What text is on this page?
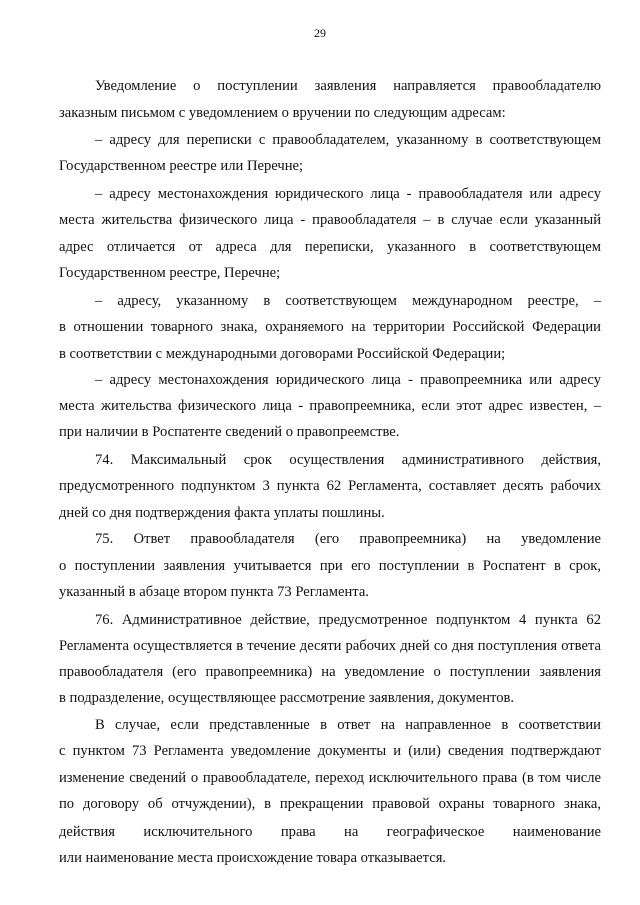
29
Уведомление о поступлении заявления направляется правообладателю
заказным письмом с уведомлением о вручении по следующим адресам:
– адресу для переписки с правообладателем, указанному в соответствующем
Государственном реестре или Перечне;
– адресу местонахождения юридического лица - правообладателя или адресу
места жительства физического лица - правообладателя – в случае если указанный
адрес отличается от адреса для переписки, указанного в соответствующем
Государственном реестре, Перечне;
– адресу, указанному в соответствующем международном реестре, –
в отношении товарного знака, охраняемого на территории Российской Федерации
в соответствии с международными договорами Российской Федерации;
– адресу местонахождения юридического лица - правопреемника или адресу
места жительства физического лица - правопреемника, если этот адрес известен, –
при наличии в Роспатенте сведений о правопреемстве.
74. Максимальный срок осуществления административного действия,
предусмотренного подпунктом 3 пункта 62 Регламента, составляет десять рабочих
дней со дня подтверждения факта уплаты пошлины.
75. Ответ правообладателя (его правопреемника) на уведомление
о поступлении заявления учитывается при его поступлении в Роспатент в срок,
указанный в абзаце втором пункта 73 Регламента.
76. Административное действие, предусмотренное подпунктом 4 пункта 62
Регламента осуществляется в течение десяти рабочих дней со дня поступления ответа
правообладателя (его правопреемника) на уведомление о поступлении заявления
в подразделение, осуществляющее рассмотрение заявления, документов.
В случае, если представленные в ответ на направленное в соответствии
с пунктом 73 Регламента уведомление документы и (или) сведения подтверждают
изменение сведений о правообладателе, переход исключительного права (в том числе
по договору об отчуждении), в прекращении правовой охраны товарного знака,
действия исключительного права на географическое наименование
или наименование места происхождение товара отказывается.
